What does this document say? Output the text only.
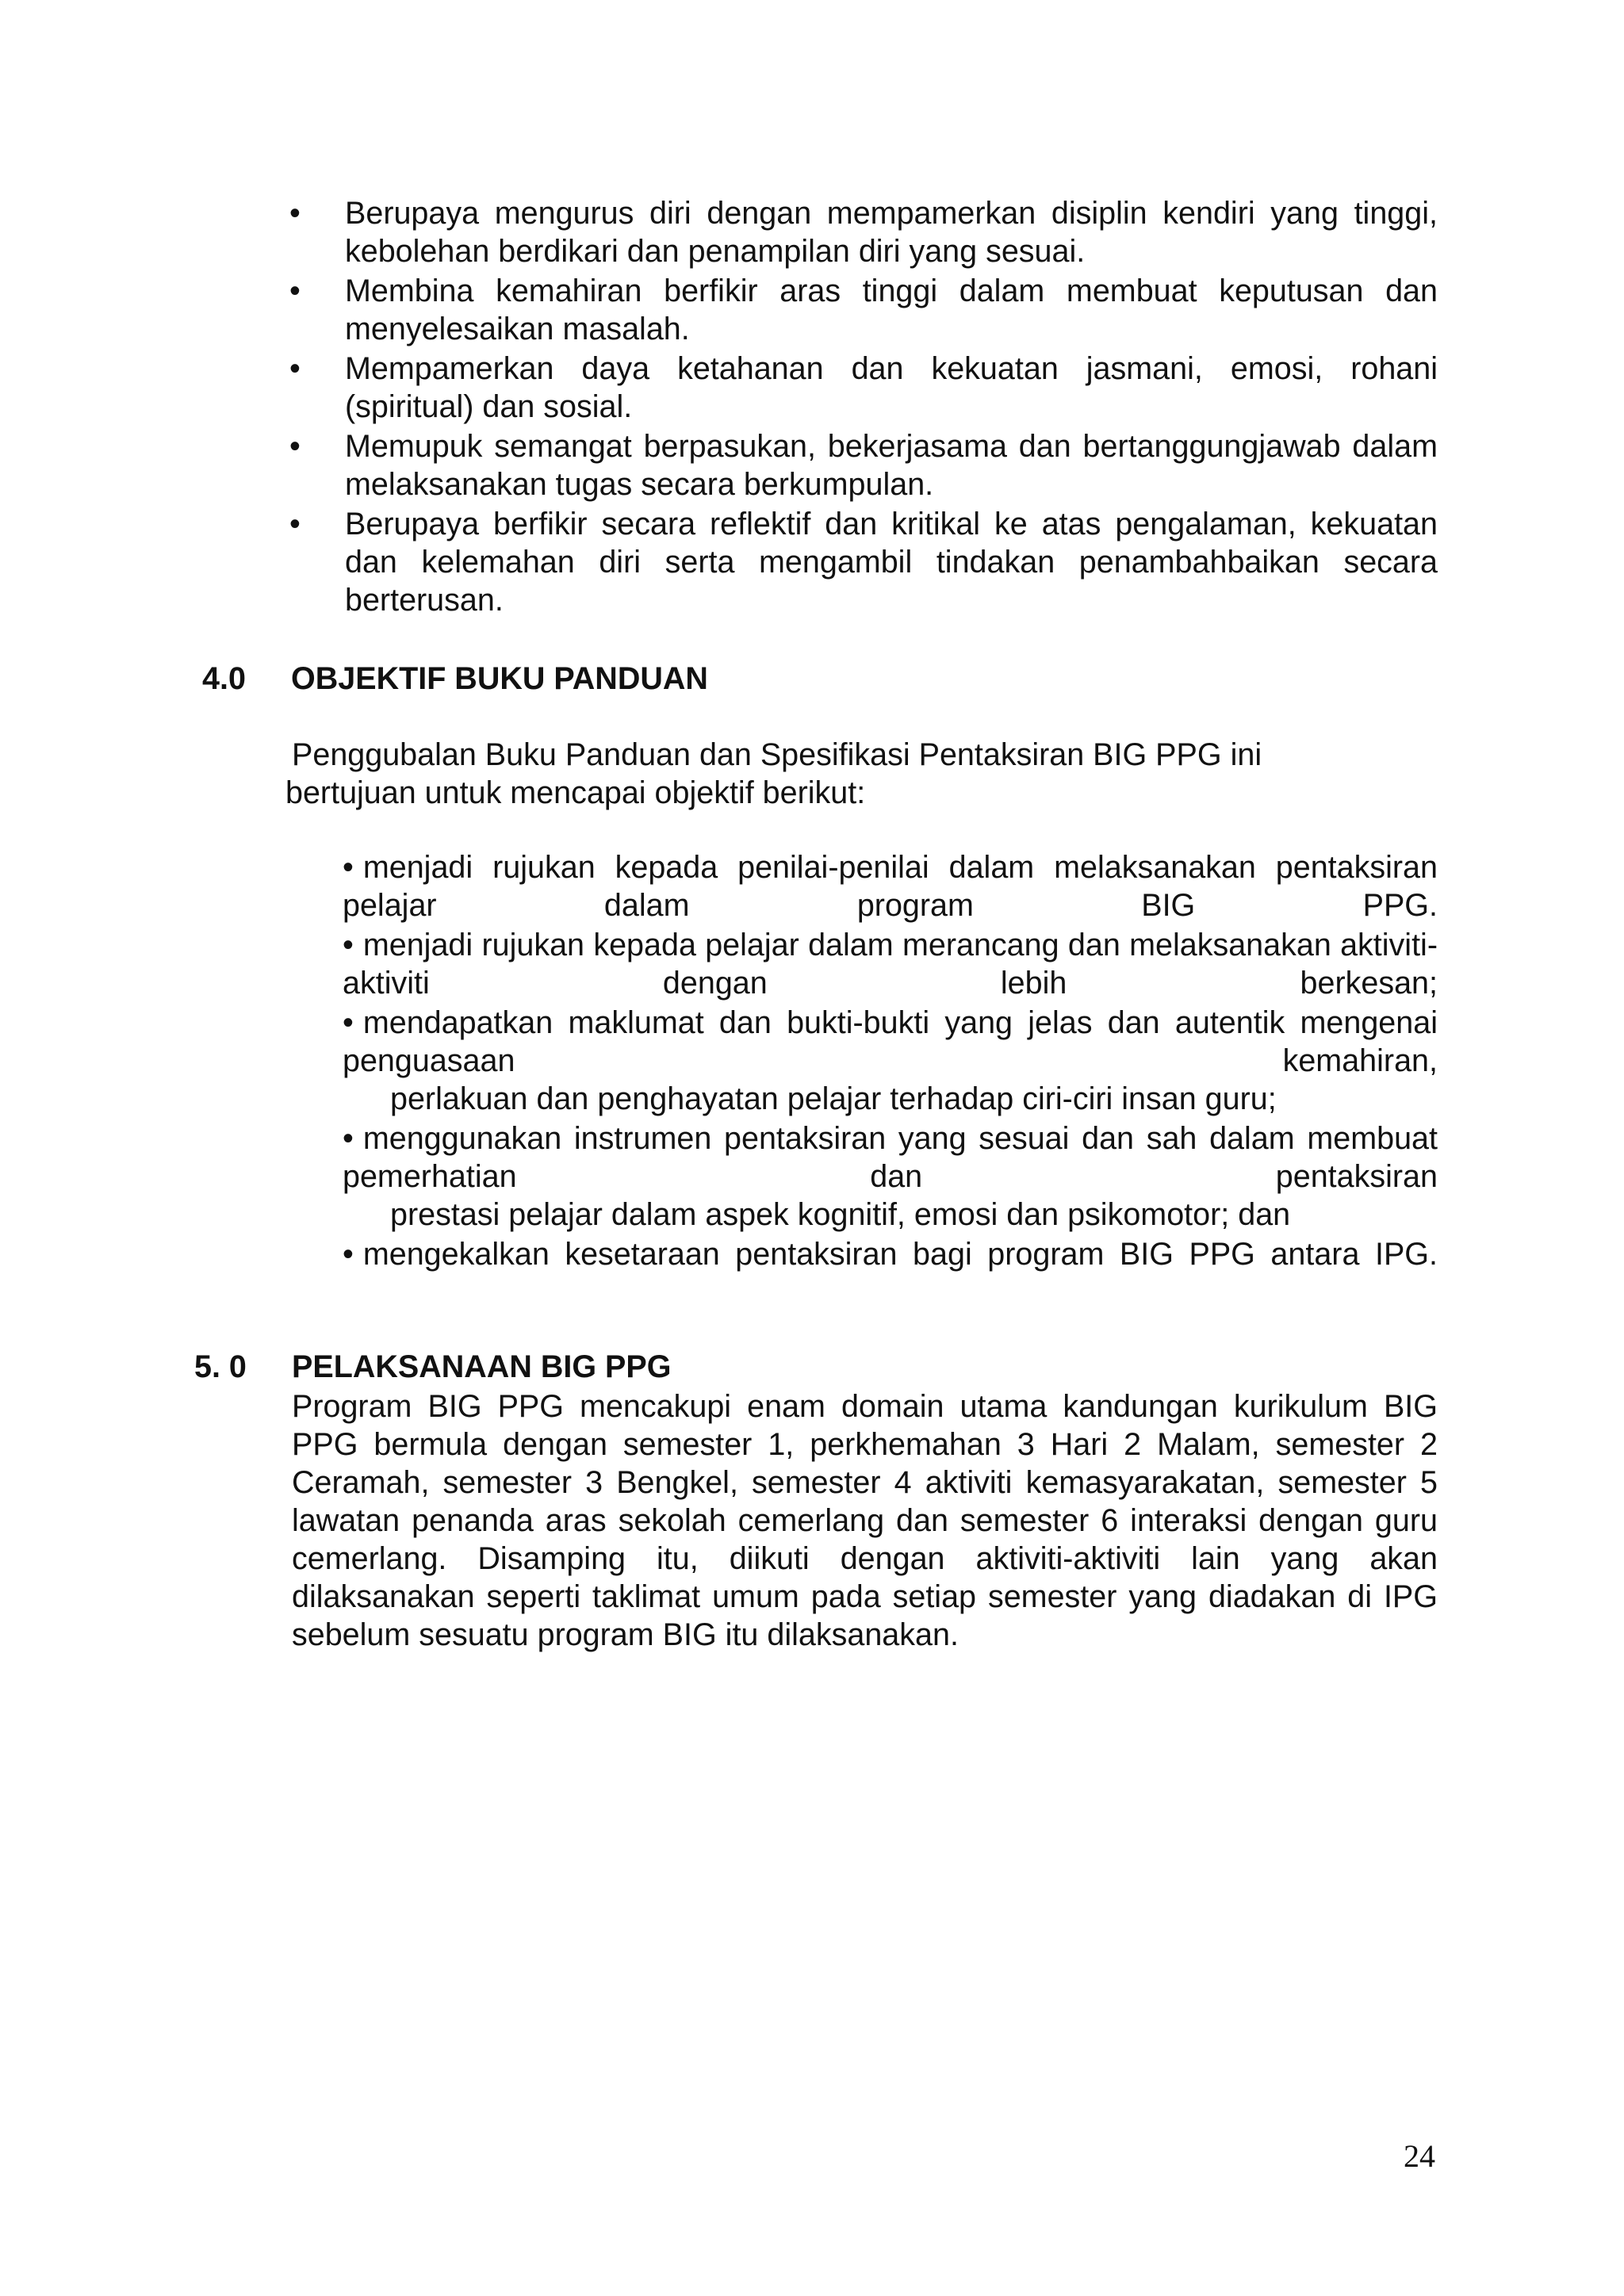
• Berupaya mengurus diri dengan mempamerkan disiplin kendiri yang tinggi, kebolehan berdikari dan penampilan diri yang sesuai.
• Membina kemahiran berfikir aras tinggi dalam membuat keputusan dan menyelesaikan masalah.
• Mempamerkan daya ketahanan dan kekuatan jasmani, emosi, rohani (spiritual) dan sosial.
• Memupuk semangat berpasukan, bekerjasama dan bertanggungjawab dalam melaksanakan tugas secara berkumpulan.
• Berupaya berfikir secara reflektif dan kritikal ke atas pengalaman, kekuatan dan kelemahan diri serta mengambil tindakan penambahbaikan secara berterusan.
4.0 OBJEKTIF BUKU PANDUAN
Penggubalan Buku Panduan dan Spesifikasi Pentaksiran BIG PPG ini
bertujuan untuk mencapai objektif berikut:
• menjadi rujukan kepada penilai-penilai dalam melaksanakan pentaksiran pelajar dalam program BIG PPG.
• menjadi rujukan kepada pelajar dalam merancang dan melaksanakan aktiviti-aktiviti dengan lebih berkesan;
• mendapatkan maklumat dan bukti-bukti yang jelas dan autentik mengenai penguasaan kemahiran,
perlakuan dan penghayatan pelajar terhadap ciri-ciri insan guru;
• menggunakan instrumen pentaksiran yang sesuai dan sah dalam membuat pemerhatian dan pentaksiran
prestasi pelajar dalam aspek kognitif, emosi dan psikomotor; dan
• mengekalkan kesetaraan pentaksiran bagi program BIG PPG antara IPG.
5. 0 PELAKSANAAN BIG PPG
Program BIG PPG mencakupi enam domain utama kandungan kurikulum BIG PPG bermula dengan semester 1, perkhemahan 3 Hari 2 Malam, semester 2 Ceramah, semester 3 Bengkel, semester 4 aktiviti kemasyarakatan, semester 5 lawatan penanda aras sekolah cemerlang dan semester 6 interaksi dengan guru cemerlang. Disamping itu, diikuti dengan aktiviti-aktiviti lain yang akan dilaksanakan seperti taklimat umum pada setiap semester yang diadakan di IPG sebelum sesuatu program BIG itu dilaksanakan.
24
